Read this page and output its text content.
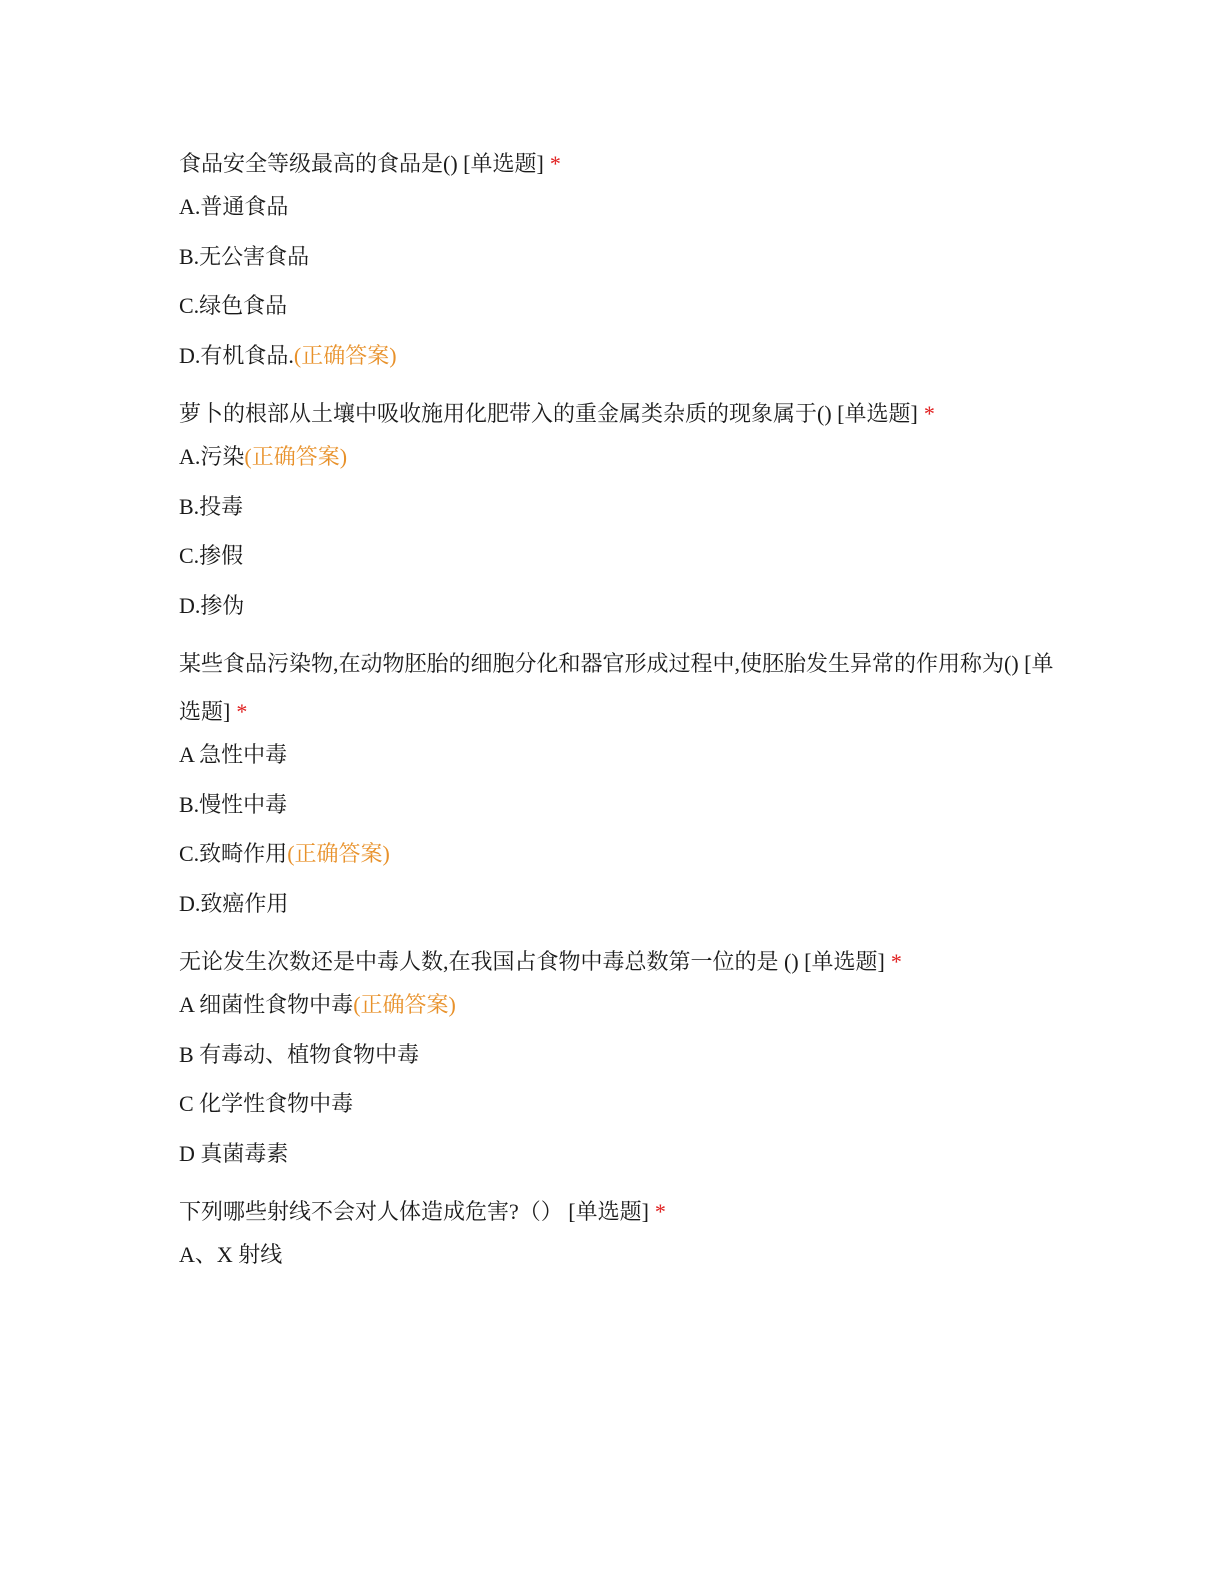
食品安全等级最高的食品是() [单选题] *
A.普通食品
B.无公害食品
C.绿色食品
D.有机食品.(正确答案)
萝卜的根部从土壤中吸收施用化肥带入的重金属类杂质的现象属于() [单选题] *
A.污染(正确答案)
B.投毒
C.掺假
D.掺伪
某些食品污染物,在动物胚胎的细胞分化和器官形成过程中,使胚胎发生异常的作用称为() [单选题] *
A 急性中毒
B.慢性中毒
C.致畸作用(正确答案)
D.致癌作用
无论发生次数还是中毒人数,在我国占食物中毒总数第一位的是 () [单选题] *
A 细菌性食物中毒(正确答案)
B 有毒动、植物食物中毒
C 化学性食物中毒
D 真菌毒素
下列哪些射线不会对人体造成危害?（） [单选题] *
A、X 射线
